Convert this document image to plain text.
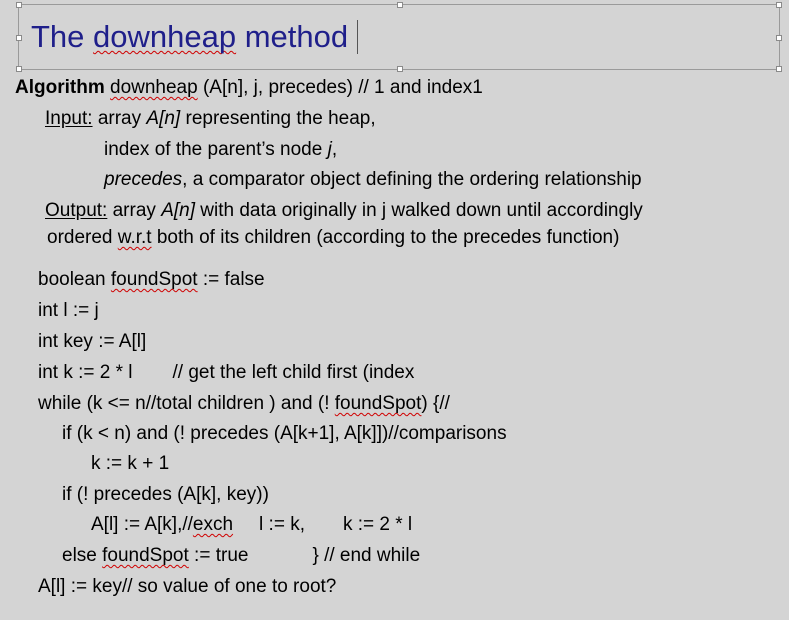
The downheap method
Algorithm downheap (A[n], j, precedes) // 1 and index1
Input: array A[n] representing the heap,
index of the parent’s node j,
precedes, a comparator object defining the ordering relationship
Output: array A[n] with data originally in j walked down until accordingly
ordered w.r.t both of its children (according to the precedes function)
boolean foundSpot := false
int l := j
int key := A[l]
int k := 2 * l // get the left child first (index
while (k <= n//total children ) and (! foundSpot) {//
if (k < n) and (! precedes (A[k+1], A[k]])//comparisons
k := k + 1
if (! precedes (A[k], key))
A[l] := A[k],//exch l := k, k := 2 * l
else foundSpot := true	} // end while
A[l] := key// so value of one to root?
